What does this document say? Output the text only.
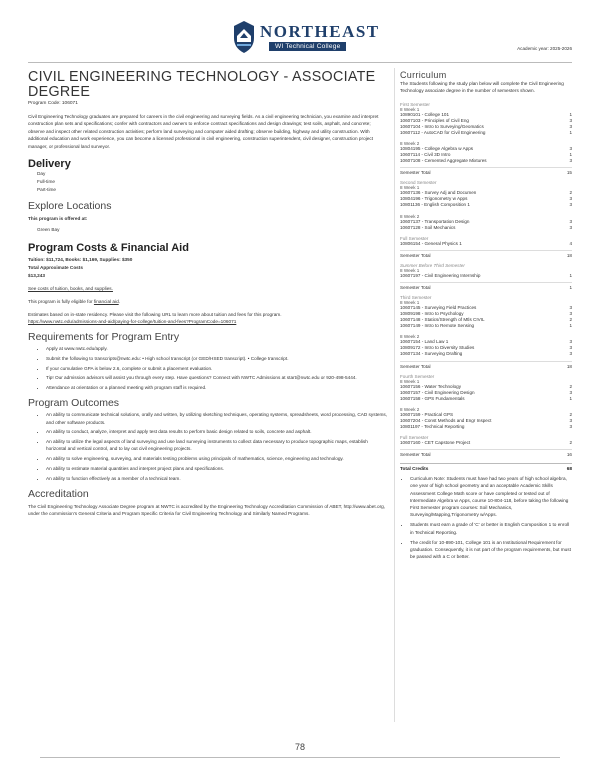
NORTHEAST
WI Technical College	Academic year: 2025-2026
CIVIL ENGINEERING TECHNOLOGY - ASSOCIATE DEGREE
Program Code: 106071
Civil Engineering Technology graduates are prepared for careers in the civil engineering and surveying fields. As a civil engineering technician, you examine and interpret construction plan sets and specifications; confer with contractors and owners to enforce contract specifications and design drawings; test soils, asphalt, and concrete; observe and inspect other related construction activities; perform land surveying and computer aided drafting; observe building, highway and utility construction. With additional education and work experience, you can become a licensed professional in civil engineering, construction superintendent, civil designer, construction project manager, or professional land surveyor.
Delivery
Day
Full-time
Part-time
Explore Locations
This program is offered at:
Green Bay
Program Costs & Financial Aid
Tuition: $11,724, Books: $1,169, Supplies: $350
Total Approximate Costs
$13,243
See costs of tuition, books, and supplies.
This program is fully eligible for financial aid.
Estimates based on in-state residency. Please visit the following URL to learn more about tuition and fees for this program.
https://www.nwtc.edu/admissions-and-aid/paying-for-college/tuition-and-fees?ProgramCode=106071
Requirements for Program Entry
• Apply at www.nwtc.edu/apply.
• Submit the following to transcripts@nwtc.edu: • High school transcript (or GED/HSED transcript). • College transcript.
• If your cumulative GPA is below 2.6, complete or submit a placement evaluation.
• Tip! Our admission advisors will assist you through every step. Have questions? Connect with NWTC Admissions at start@nwtc.edu or 920-498-5444.
• Attendance at orientation or a planned meeting with program staff is required.
Program Outcomes
• An ability to communicate technical solutions, orally and written, by utilizing sketching techniques, operating systems, spreadsheets, word processing, CAD systems, and other software products.
• An ability to conduct, analyze, interpret and apply test data results to perform basic design related to soils, concrete and asphalt.
• An ability to utilize the legal aspects of land surveying and use land surveying instruments to collect data necessary to produce topographic maps, establish horizontal and vertical control, and to lay out civil engineering projects.
• An ability to solve engineering, surveying, and materials testing problems using principals of mathematics, science, engineering and technology.
• An ability to estimate material quantities and interpret project plans and specifications.
• An ability to function effectively as a member of a technical team.
Accreditation
The Civil Engineering Technology Associate Degree program at NWTC is accredited by the Engineering Technology Accreditation Commission of ABET, http://www.abet.org, under the commission's General Criteria and Program Specific Criteria for Civil Engineering Technology and Similarly Named Programs.
Curriculum
The Students following the study plan below will complete the Civil Engineering Technology associate degree in the number of semesters shown.
First Semester
8 Week 1
10890101 - College 101	1
10607103 - Principles of Civil Eng	3
10607104 - Intro to Surveying/Geomatics	3
10607112 - AutoCAD for Civil Engineering	1
8 Week 2
10804195 - College Algebra w Apps	3
10607114 - Civil 3D Intro	1
10607108 - Cemented Aggregate Mixtures	3
Semester Total	15
Second Semester
8 Week 1
10607136 - Survey Adj and Documen	2
10804196 - Trigonometry w Apps	3
10801136 - English Composition 1	3
8 Week 2
10607137 - Transportation Design	3
10607128 - Soil Mechanics	3
Full Semester
10806154 - General Physics 1	4
Semester Total	18
Summer Before Third Semester
8 Week 1
10607197 - Civil Engineering Internship	1
Semester Total	1
Third Semester
8 Week 1
10607145 - Surveying Field Practices	3
10809198 - Intro to Psychology	3
10607148 - Statics/Strength of Mtls CIVIL	2
10607149 - Intro to Remote Sensing	1
8 Week 2
10607154 - Land Law 1	3
10809172 - Intro to Diversity Studies	3
10607134 - Surveying Drafting	3
Semester Total	18
Fourth Semester
8 Week 1
10607156 - Water Technology	2
10607157 - Civil Engineering Design	3
10607158 - GPS Fundamentals	1
8 Week 2
10607159 - Practical GPS	2
10607204 - Const Methods and Engr Inspect	3
10801197 - Technical Reporting	3
Full Semester
10607160 - CET Capstone Project	2
Semester Total	16
Total Credits	68
• Curriculum Note: Students must have had two years of high school algebra, one year of high school geometry and an acceptable Academic Skills Assessment College Math score or have completed or tested out of Intermediate Algebra w Apps, course 10-804-118, before taking the following First Semester program courses: Soil Mechanics, Surveying/Mapping,Trigonometry w/Apps.
• Students must earn a grade of 'C' or better in English Composition 1 to enroll in Technical Reporting.
• The credit for 10-890-101, College 101 is an Institutional Requirement for graduation. Consequently, it is not part of the program requirements, but must be passed with a C or better.
78
